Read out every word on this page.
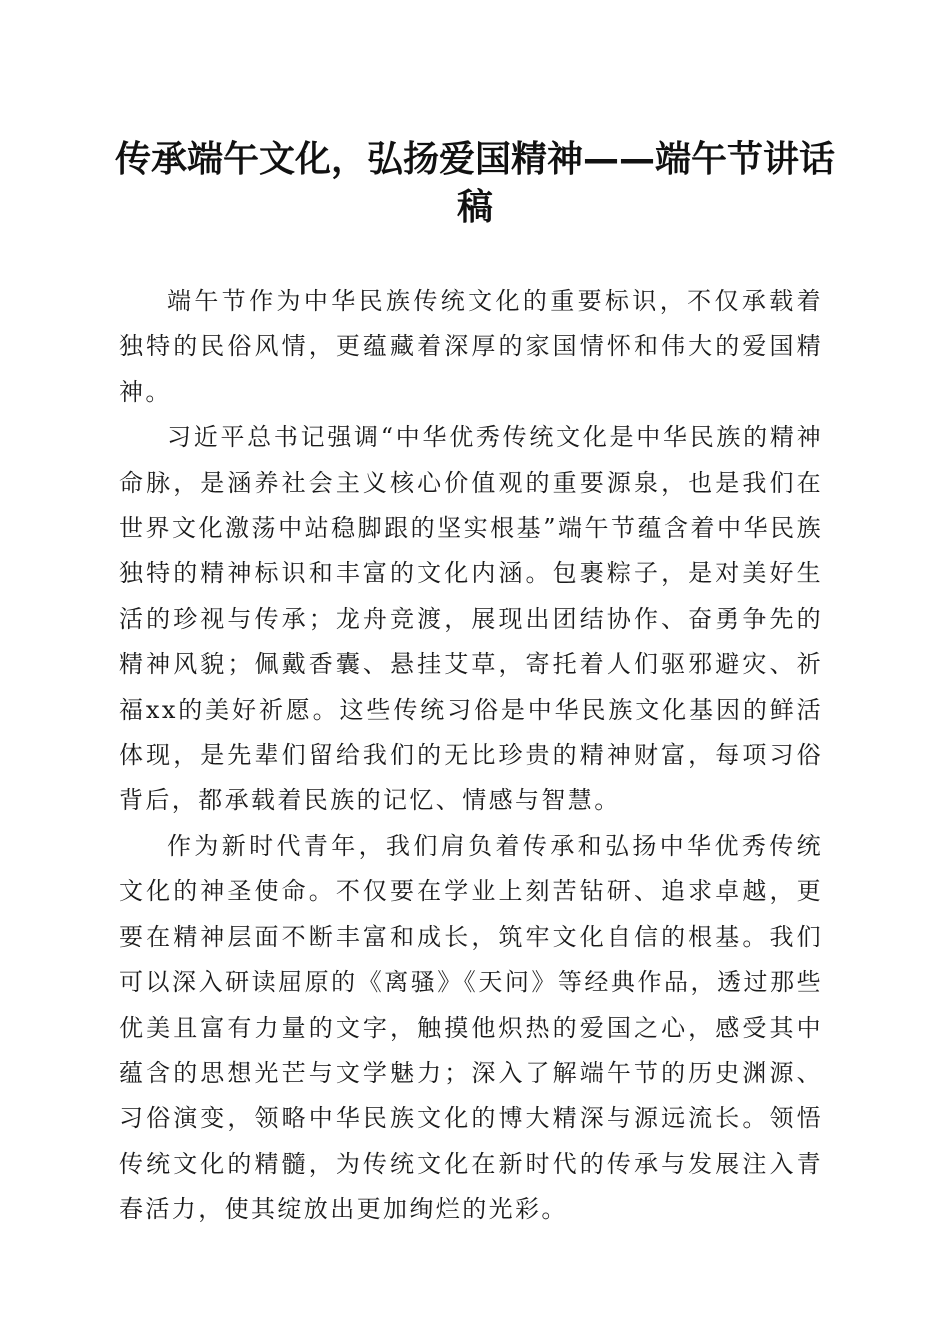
传承端午文化，弘扬爱国精神——端午节讲话稿

端午节作为中华民族传统文化的重要标识，不仅承载着独特的民俗风情，更蕴藏着深厚的家国情怀和伟大的爱国精神。

习近平总书记强调“中华优秀传统文化是中华民族的精神命脉，是涵养社会主义核心价值观的重要源泉，也是我们在世界文化激荡中站稳脚跟的坚实根基”端午节蕴含着中华民族独特的精神标识和丰富的文化内涵。包裹粽子，是对美好生活的珍视与传承；龙舟竞渡，展现出团结协作、奋勇争先的精神风貌；佩戴香囊、悬挂艾草，寄托着人们驱邪避灾、祈福xx的美好祈愿。这些传统习俗是中华民族文化基因的鲜活体现，是先辈们留给我们的无比珍贵的精神财富，每项习俗背后，都承载着民族的记忆、情感与智慧。

作为新时代青年，我们肩负着传承和弘扬中华优秀传统文化的神圣使命。不仅要在学业上刻苦钻研、追求卓越，更要在精神层面不断丰富和成长，筑牢文化自信的根基。我们可以深入研读屈原的《离骚》《天问》等经典作品，透过那些优美且富有力量的文字，触摸他炽热的爱国之心，感受其中蕴含的思想光芒与文学魅力；深入了解端午节的历史渊源、习俗演变，领略中华民族文化的博大精深与源远流长。领悟传统文化的精髓，为传统文化在新时代的传承与发展注入青春活力，使其绽放出更加绚烂的光彩。
